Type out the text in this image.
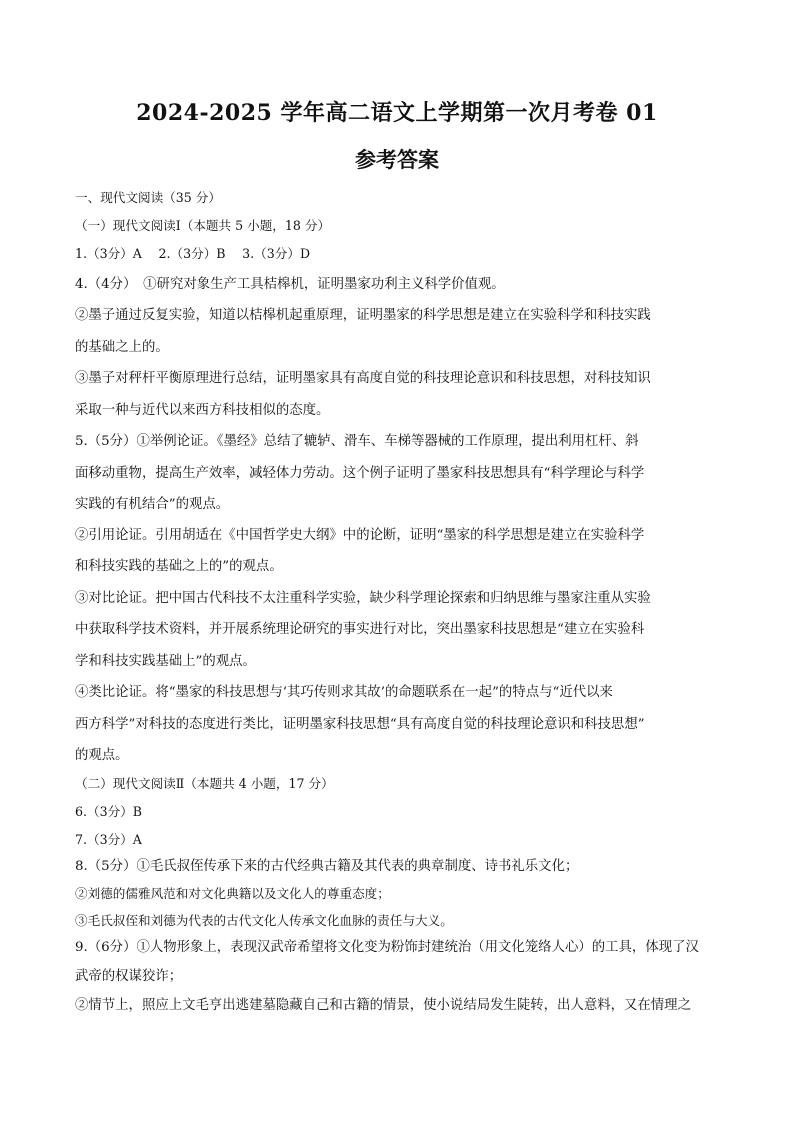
2024-2025 学年高二语文上学期第一次月考卷 01
参考答案
一、现代文阅读（35 分）
（一）现代文阅读Ⅰ（本题共 5 小题，18 分）
1.（3分）A　 2.（3分）B　 3.（3分）D
4.（4分）　①研究对象生产工具桔槔机，证明墨家功利主义科学价值观。
②墨子通过反复实验，知道以桔槔机起重原理，证明墨家的科学思想是建立在实验科学和科技实践
的基础之上的。
③墨子对秤杆平衡原理进行总结，证明墨家具有高度自觉的科技理论意识和科技思想，对科技知识
采取一种与近代以来西方科技相似的态度。
5.（5分）①举例论证。《墨经》总结了辘轳、滑车、车梯等器械的工作原理，提出利用杠杆、斜
面移动重物，提高生产效率，减轻体力劳动。这个例子证明了墨家科技思想具有“科学理论与科学
实践的有机结合”的观点。
②引用论证。引用胡适在《中国哲学史大纲》中的论断，证明“墨家的科学思想是建立在实验科学
和科技实践的基础之上的”的观点。
③对比论证。把中国古代科技不太注重科学实验，缺少科学理论探索和归纳思维与墨家注重从实验
中获取科学技术资料，并开展系统理论研究的事实进行对比，突出墨家科技思想是“建立在实验科
学和科技实践基础上”的观点。
④类比论证。将“墨家的科技思想与‘其巧传则求其故’的命题联系在一起”的特点与“近代以来
西方科学”对科技的态度进行类比，证明墨家科技思想“具有高度自觉的科技理论意识和科技思想”
的观点。
（二）现代文阅读Ⅱ（本题共 4 小题，17 分）
6.（3分）B
7.（3分）A
8.（5分）①毛氏叔侄传承下来的古代经典古籍及其代表的典章制度、诗书礼乐文化；
②刘德的儒雅风范和对文化典籍以及文化人的尊重态度；
③毛氏叔侄和刘德为代表的古代文化人传承文化血脉的责任与大义。
9.（6分）①人物形象上，表现汉武帝希望将文化变为粉饰封建统治（用文化笼络人心）的工具，体现了汉
武帝的权谋狡诈；
②情节上，照应上文毛亨出逃建墓隐藏自己和古籍的情景，使小说结局发生陡转，出人意料，又在情理之
